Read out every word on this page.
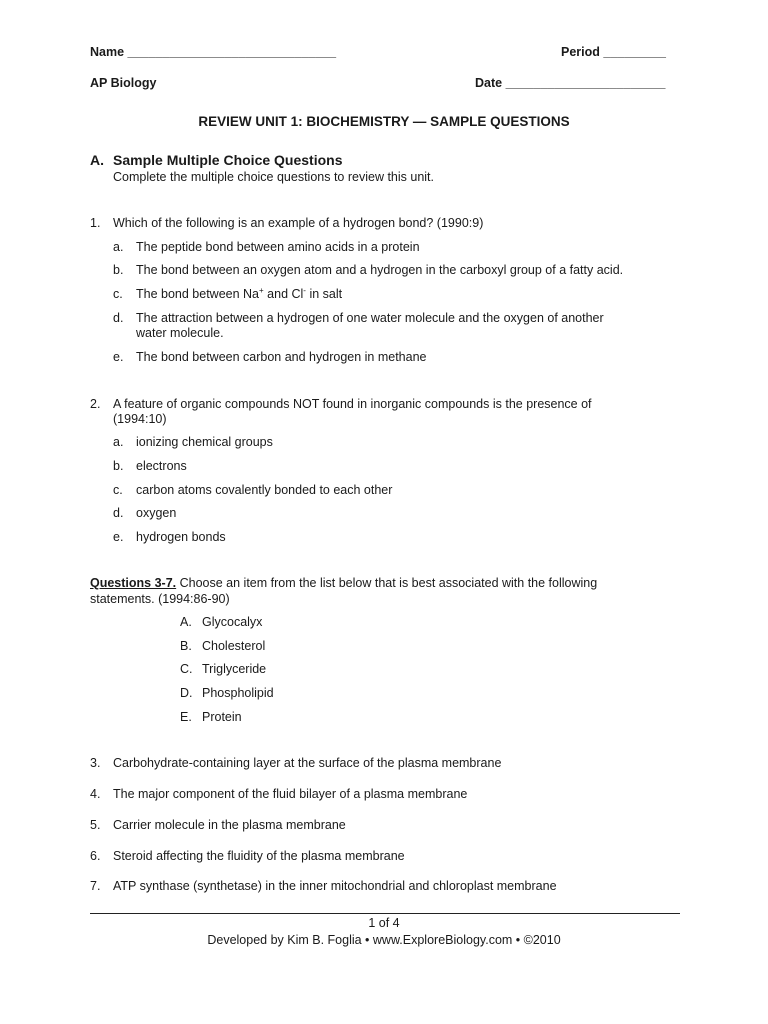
Name ______________________________	Period _________
AP Biology	Date _______________________
REVIEW UNIT 1: BIOCHEMISTRY — SAMPLE QUESTIONS
A. Sample Multiple Choice Questions
Complete the multiple choice questions to review this unit.
1. Which of the following is an example of a hydrogen bond? (1990:9)
a. The peptide bond between amino acids in a protein
b. The bond between an oxygen atom and a hydrogen in the carboxyl group of a fatty acid.
c. The bond between Na+ and Cl- in salt
d. The attraction between a hydrogen of one water molecule and the oxygen of another
water molecule.
e. The bond between carbon and hydrogen in methane
2. A feature of organic compounds NOT found in inorganic compounds is the presence of
(1994:10)
a. ionizing chemical groups
b. electrons
c. carbon atoms covalently bonded to each other
d. oxygen
e. hydrogen bonds
Questions 3-7. Choose an item from the list below that is best associated with the following
statements. (1994:86-90)
A. Glycocalyx
B. Cholesterol
C. Triglyceride
D. Phospholipid
E. Protein
3. Carbohydrate-containing layer at the surface of the plasma membrane
4. The major component of the fluid bilayer of a plasma membrane
5. Carrier molecule in the plasma membrane
6. Steroid affecting the fluidity of the plasma membrane
7. ATP synthase (synthetase) in the inner mitochondrial and chloroplast membrane
1 of 4
Developed by Kim B. Foglia • www.ExploreBiology.com • ©2010
